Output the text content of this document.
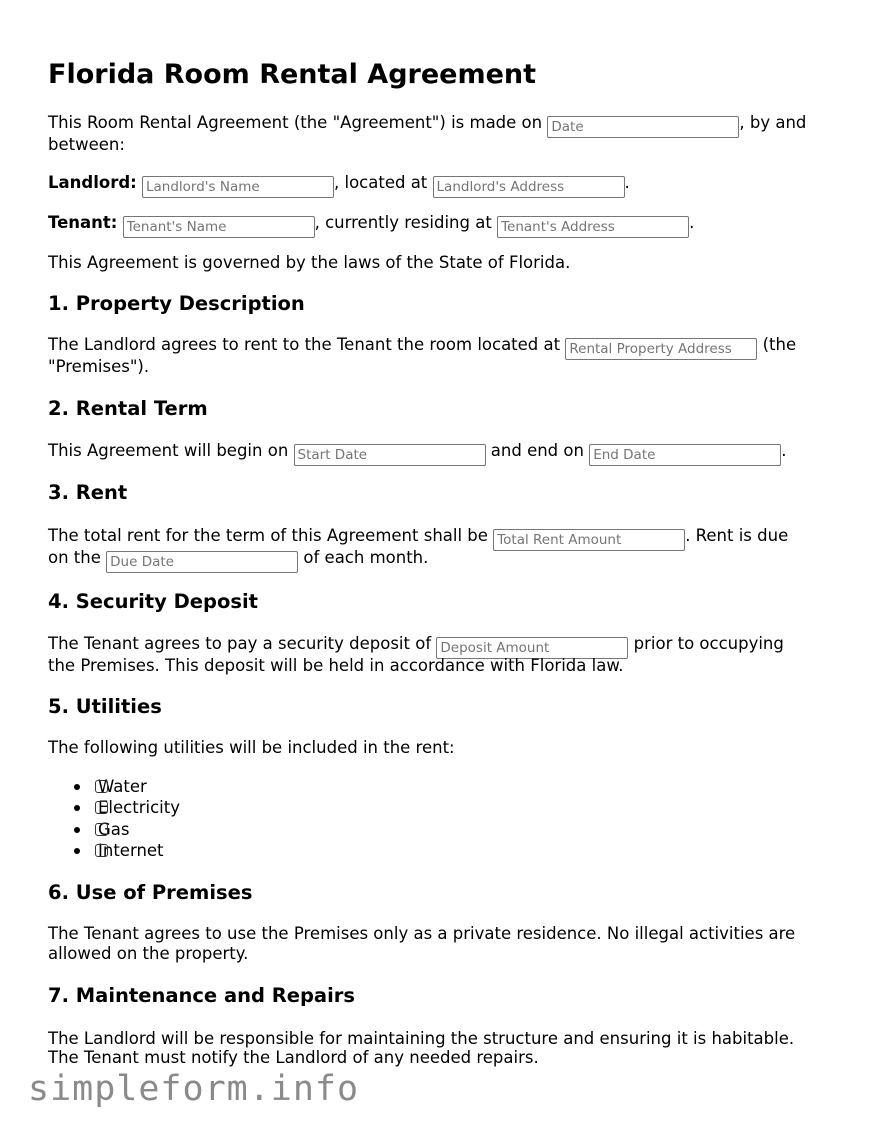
Florida Room Rental Agreement

This Room Rental Agreement (the "Agreement") is made on Date	, by and

between:

Landlord: Landlord's Name	, located at Landlord's Address	.

Tenant: Tenant's Name	, currently residing at Tenant's Address	.

This Agreement is governed by the laws of the State of Florida.

1. Property Description

The Landlord agrees to rent to the Tenant the room located at Rental Property Address	(the

"Premises").

2. Rental Term

This Agreement will begin on Start Date	and end on End Date	.

3. Rent

The total rent for the term of this Agreement shall be Total Rent Amount	. Rent is due

on the Due Date	of each month.

4. Security Deposit

The Tenant agrees to pay a security deposit of Deposit Amount	prior to occupying

the Premises. This deposit will be held in accordance with Florida law.

5. Utilities

The following utilities will be included in the rent:

Water
Electricity
Gas
Internet
6. Use of Premises

The Tenant agrees to use the Premises only as a private residence. No illegal activities are

allowed on the property.

7. Maintenance and Repairs

The Landlord will be responsible for maintaining the structure and ensuring it is habitable.

The Tenant must notify the Landlord of any needed repairs.

simpleform.info
